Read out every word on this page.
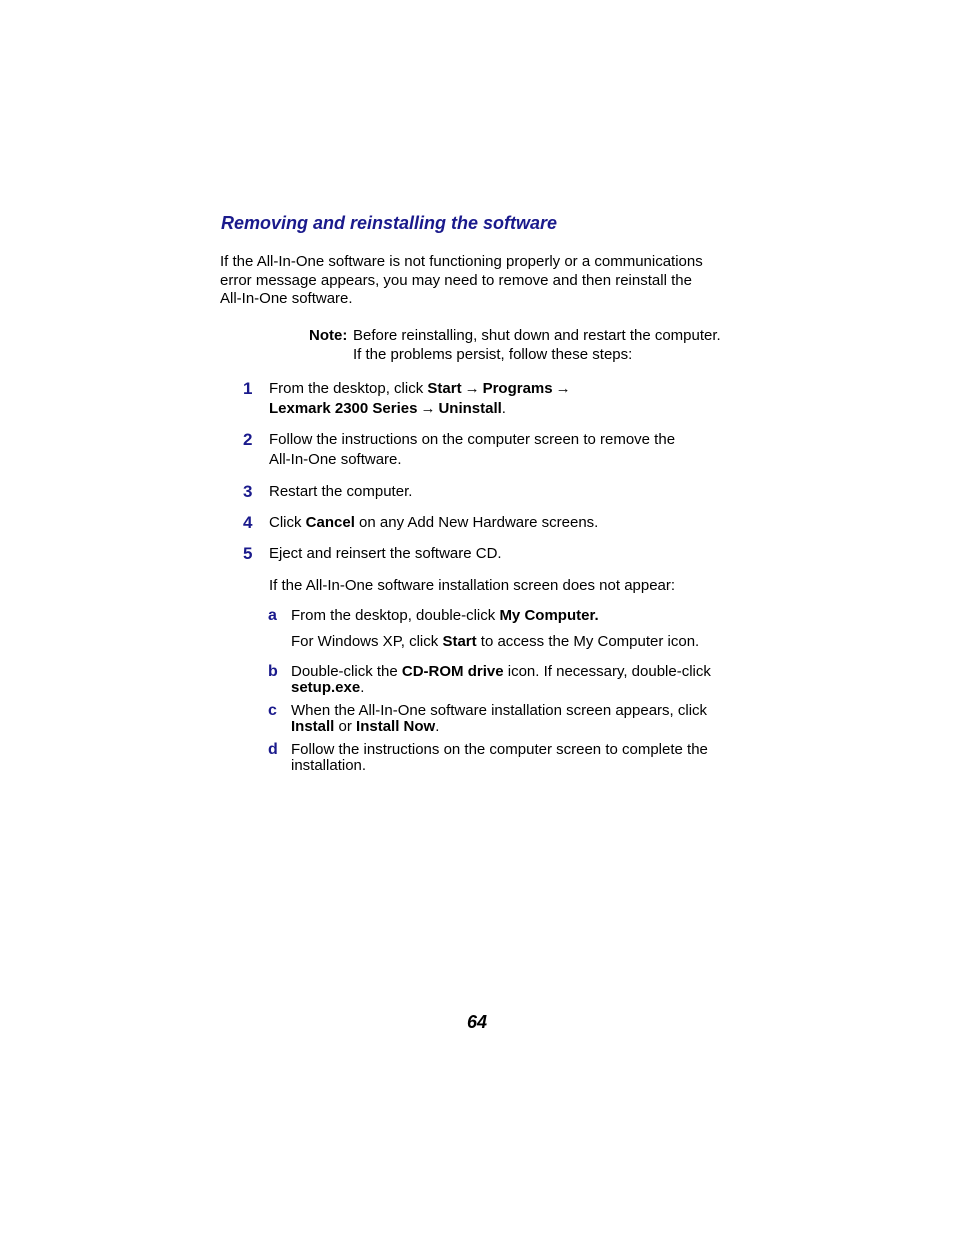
Removing and reinstalling the software

If the All-In-One software is not functioning properly or a communications
error message appears, you may need to remove and then reinstall the
All-In-One software.

Note: Before reinstalling, shut down and restart the computer.
If the problems persist, follow these steps:
1	From the desktop, click Start → Programs →
Lexmark 2300 Series → Uninstall.
2	Follow the instructions on the computer screen to remove the
All-In-One software.
3	Restart the computer.
4	Click Cancel on any Add New Hardware screens.
5	Eject and reinsert the software CD.
If the All-In-One software installation screen does not appear:
a From the desktop, double-click My Computer.
For Windows XP, click Start to access the My Computer icon.
b Double-click the CD-ROM drive icon. If necessary, double-click
setup.exe.
c When the All-In-One software installation screen appears, click
Install or Install Now.
d Follow the instructions on the computer screen to complete the
installation.
64
